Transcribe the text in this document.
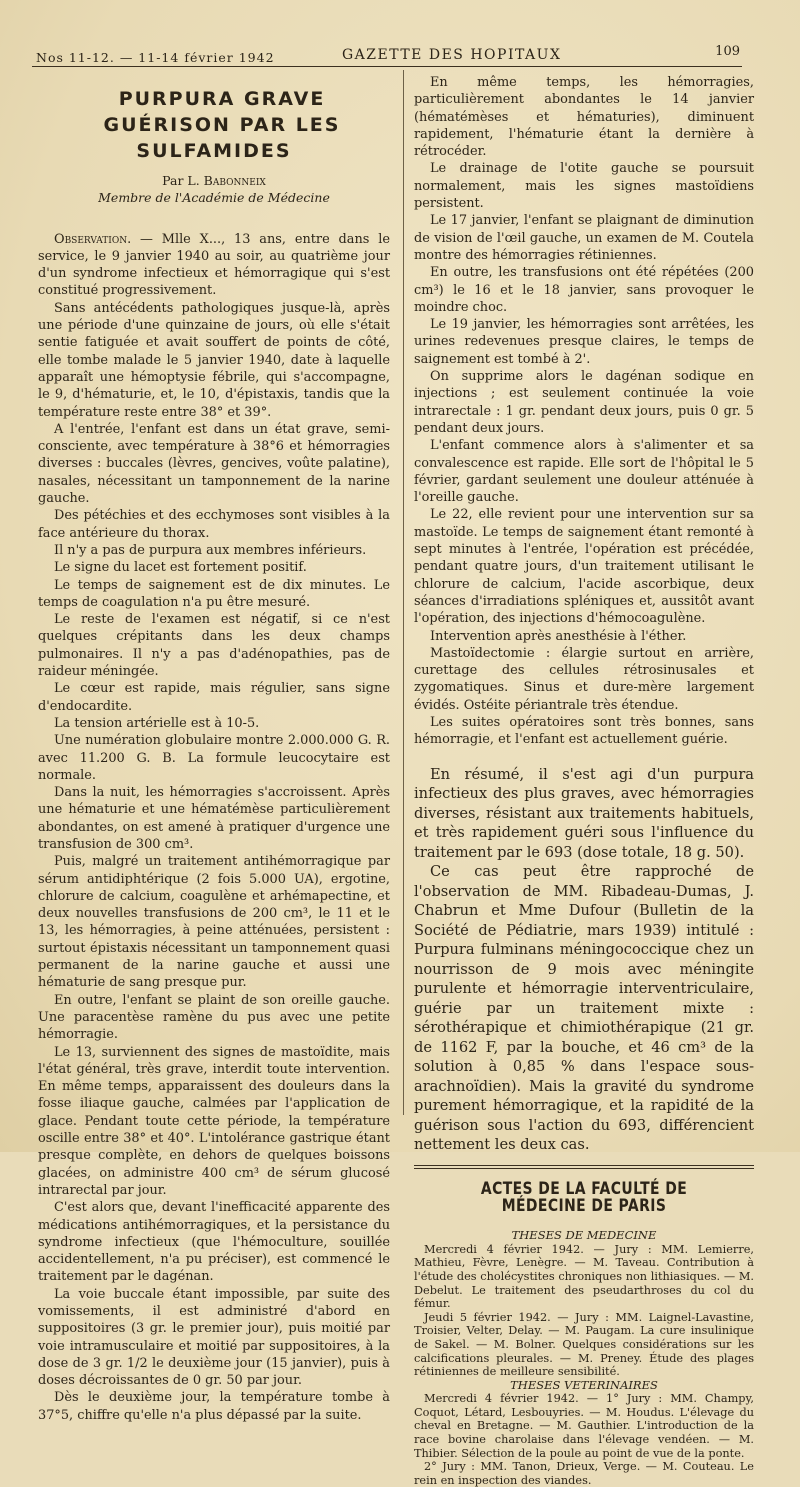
Nos 11-12. — 11-14 février 1942	GAZETTE DES HOPITAUX	109

PURPURA GRAVE

GUÉRISON PAR LES SULFAMIDES

Par L. Babonneix
Membre de l'Académie de Médecine

Observation. — Mlle X..., 13 ans, entre dans le service, le 9 janvier 1940 au soir, au quatrième jour d'un syndrome infectieux et hémorragique qui s'est constitué progressivement.

Sans antécédents pathologiques jusque-là, après une période d'une quinzaine de jours, où elle s'était sentie fatiguée et avait souffert de points de côté, elle tombe malade le 5 janvier 1940, date à laquelle apparaît une hémoptysie fébrile, qui s'accompagne, le 9, d'hématurie, et, le 10, d'épistaxis, tandis que la température reste entre 38° et 39°.

A l'entrée, l'enfant est dans un état grave, semi-consciente, avec température à 38°6 et hémorragies diverses : buccales (lèvres, gencives, voûte palatine), nasales, nécessitant un tamponnement de la narine gauche.

Des pétéchies et des ecchymoses sont visibles à la face antérieure du thorax.

Il n'y a pas de purpura aux membres inférieurs.

Le signe du lacet est fortement positif.

Le temps de saignement est de dix minutes. Le temps de coagulation n'a pu être mesuré.

Le reste de l'examen est négatif, si ce n'est quelques crépitants dans les deux champs pulmonaires. Il n'y a pas d'adénopathies, pas de raideur méningée.

Le cœur est rapide, mais régulier, sans signe d'endocardite.

La tension artérielle est à 10-5.

Une numération globulaire montre 2.000.000 G. R. avec 11.200 G. B. La formule leucocytaire est normale.

Dans la nuit, les hémorragies s'accroissent. Après une hématurie et une hématémèse particulièrement abondantes, on est amené à pratiquer d'urgence une transfusion de 300 cm³.

Puis, malgré un traitement antihémorragique par sérum antidiphtérique (2 fois 5.000 UA), ergotine, chlorure de calcium, coagulène et arhémapectine, et deux nouvelles transfusions de 200 cm³, le 11 et le 13, les hémorragies, à peine atténuées, persistent : surtout épistaxis nécessitant un tamponnement quasi permanent de la narine gauche et aussi une hématurie de sang presque pur.

En outre, l'enfant se plaint de son oreille gauche. Une paracentèse ramène du pus avec une petite hémorragie.

Le 13, surviennent des signes de mastoïdite, mais l'état général, très grave, interdit toute intervention. En même temps, apparaissent des douleurs dans la fosse iliaque gauche, calmées par l'application de glace. Pendant toute cette période, la température oscille entre 38° et 40°. L'intolérance gastrique étant presque complète, en dehors de quelques boissons glacées, on administre 400 cm³ de sérum glucosé intrarectal par jour.

C'est alors que, devant l'inefficacité apparente des médications antihémorragiques, et la persistance du syndrome infectieux (que l'hémoculture, souillée accidentellement, n'a pu préciser), est commencé le traitement par le dagénan.

La voie buccale étant impossible, par suite des vomissements, il est administré d'abord en suppositoires (3 gr. le premier jour), puis moitié par voie intramusculaire et moitié par suppositoires, à la dose de 3 gr. 1/2 le deuxième jour (15 janvier), puis à doses décroissantes de 0 gr. 50 par jour.

Dès le deuxième jour, la température tombe à 37°5, chiffre qu'elle n'a plus dépassé par la suite.

En même temps, les hémorragies, particulièrement abondantes le 14 janvier (hématémèses et hématuries), diminuent rapidement, l'hématurie étant la dernière à rétrocéder.

Le drainage de l'otite gauche se poursuit normalement, mais les signes mastoïdiens persistent.

Le 17 janvier, l'enfant se plaignant de diminution de vision de l'œil gauche, un examen de M. Coutela montre des hémorragies rétiniennes.

En outre, les transfusions ont été répétées (200 cm³) le 16 et le 18 janvier, sans provoquer le moindre choc.

Le 19 janvier, les hémorragies sont arrêtées, les urines redevenues presque claires, le temps de saignement est tombé à 2'.

On supprime alors le dagénan sodique en injections ; est seulement continuée la voie intrarectale : 1 gr. pendant deux jours, puis 0 gr. 5 pendant deux jours.

L'enfant commence alors à s'alimenter et sa convalescence est rapide. Elle sort de l'hôpital le 5 février, gardant seulement une douleur atténuée à l'oreille gauche.

Le 22, elle revient pour une intervention sur sa mastoïde. Le temps de saignement étant remonté à sept minutes à l'entrée, l'opération est précédée, pendant quatre jours, d'un traitement utilisant le chlorure de calcium, l'acide ascorbique, deux séances d'irradiations spléniques et, aussitôt avant l'opération, des injections d'hémocoagulène.

Intervention après anesthésie à l'éther.

Mastoïdectomie : élargie surtout en arrière, curettage des cellules rétrosinusales et zygomatiques. Sinus et dure-mère largement évidés. Ostéite périantrale très étendue.

Les suites opératoires sont très bonnes, sans hémorragie, et l'enfant est actuellement guérie.

En résumé, il s'est agi d'un purpura infectieux des plus graves, avec hémorragies diverses, résistant aux traitements habituels, et très rapidement guéri sous l'influence du traitement par le 693 (dose totale, 18 g. 50).

Ce cas peut être rapproché de l'observation de MM. Ribadeau-Dumas, J. Chabrun et Mme Dufour (Bulletin de la Société de Pédiatrie, mars 1939) intitulé : Purpura fulminans méningococcique chez un nourrisson de 9 mois avec méningite purulente et hémorragie interventriculaire, guérie par un traitement mixte : sérothérapique et chimiothérapique (21 gr. de 1162 F, par la bouche, et 46 cm³ de la solution à 0,85 % dans l'espace sous-arachnoïdien). Mais la gravité du syndrome purement hémorragique, et la rapidité de la guérison sous l'action du 693, différencient nettement les deux cas.

ACTES DE LA FACULTÉ DE MÉDECINE DE PARIS

THESES DE MEDECINE

Mercredi 4 février 1942. — Jury : MM. Lemierre, Mathieu, Fèvre, Lenègre. — M. Taveau. Contribution à l'étude des cholécystites chroniques non lithiasiques. — M. Debelut. Le traitement des pseudarthroses du col du fémur.

Jeudi 5 février 1942. — Jury : MM. Laignel-Lavastine, Troisier, Velter, Delay. — M. Paugam. La cure insulinique de Sakel. — M. Bolner. Quelques considérations sur les calcifications pleurales. — M. Preney. Étude des plages rétiniennes de meilleure sensibilité.

THESES VETERINAIRES

Mercredi 4 février 1942. — 1° Jury : MM. Champy, Coquot, Létard, Lesbouyries. — M. Houdus. L'élevage du cheval en Bretagne. — M. Gauthier. L'introduction de la race bovine charolaise dans l'élevage vendéen. — M. Thibier. Sélection de la poule au point de vue de la ponte.

2° Jury : MM. Tanon, Drieux, Verge. — M. Couteau. Le rein en inspection des viandes.
